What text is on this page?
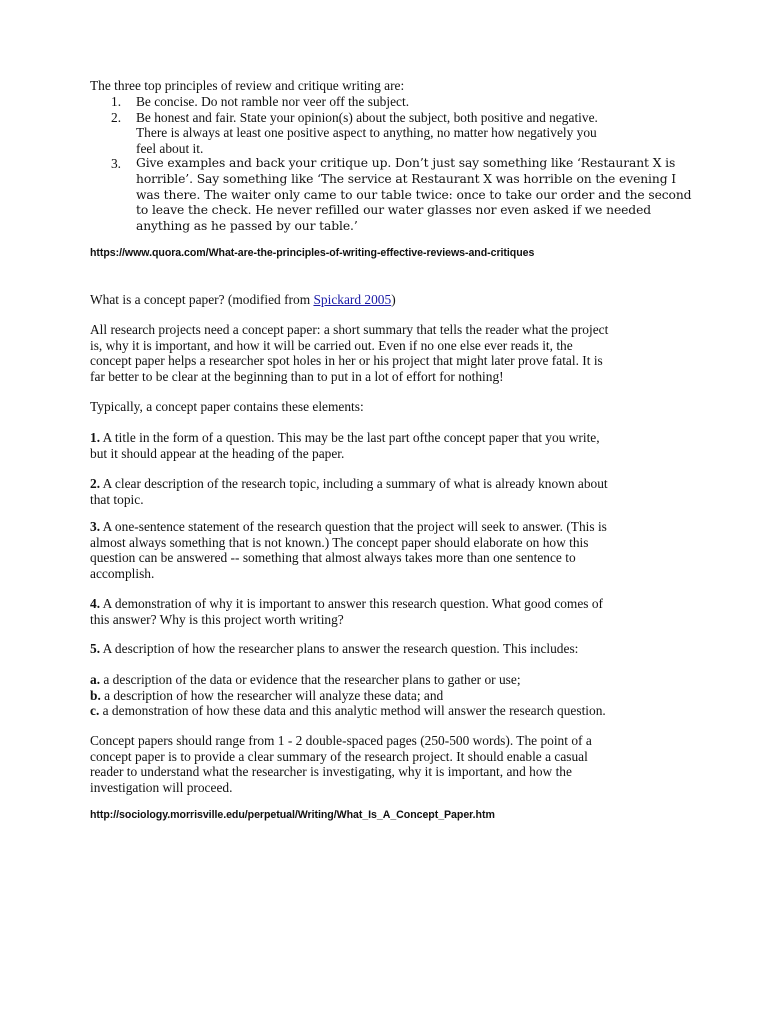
The three top principles of review and critique writing are:
1. Be concise. Do not ramble nor veer off the subject.
2. Be honest and fair. State your opinion(s) about the subject, both positive and negative.
There is always at least one positive aspect to anything, no matter how negatively you
feel about it.
3. Give examples and back your critique up. Don’t just say something like ‘Restaurant X is
horrible’. Say something like ‘The service at Restaurant X was horrible on the evening I
was there. The waiter only came to our table twice: once to take our order and the second
to leave the check. He never refilled our water glasses nor even asked if we needed
anything as he passed by our table.’
https://www.quora.com/What-are-the-principles-of-writing-effective-reviews-and-critiques
What is a concept paper? (modified from Spickard 2005)
All research projects need a concept paper: a short summary that tells the reader what the project
is, why it is important, and how it will be carried out. Even if no one else ever reads it, the
concept paper helps a researcher spot holes in her or his project that might later prove fatal. It is
far better to be clear at the beginning than to put in a lot of effort for nothing!
Typically, a concept paper contains these elements:
1. A title in the form of a question. This may be the last part ofthe concept paper that you write,
but it should appear at the heading of the paper.
2. A clear description of the research topic, including a summary of what is already known about
that topic.
3. A one-sentence statement of the research question that the project will seek to answer. (This is
almost always something that is not known.) The concept paper should elaborate on how this
question can be answered -- something that almost always takes more than one sentence to
accomplish.
4. A demonstration of why it is important to answer this research question. What good comes of
this answer? Why is this project worth writing?
5. A description of how the researcher plans to answer the research question. This includes:
a. a description of the data or evidence that the researcher plans to gather or use;
b. a description of how the researcher will analyze these data; and
c. a demonstration of how these data and this analytic method will answer the research question.
Concept papers should range from 1 - 2 double-spaced pages (250-500 words). The point of a
concept paper is to provide a clear summary of the research project. It should enable a casual
reader to understand what the researcher is investigating, why it is important, and how the
investigation will proceed.
http://sociology.morrisville.edu/perpetual/Writing/What_Is_A_Concept_Paper.htm
